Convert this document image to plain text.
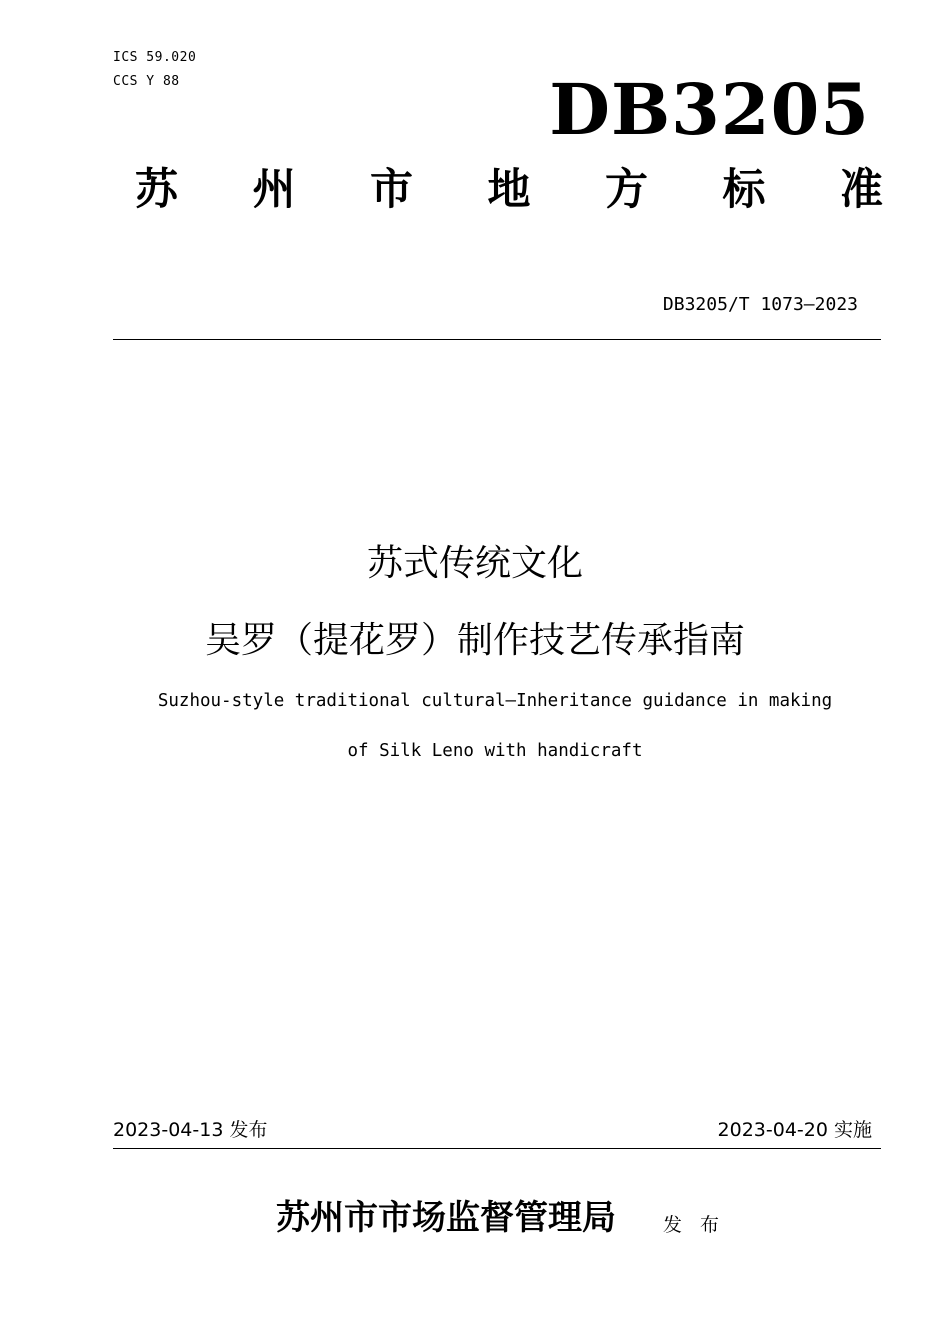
ICS 59.020
CCS Y 88	DB3205
苏 州 市 地 方 标 准
DB3205/T 1073—2023
苏式传统文化
吴罗（提花罗）制作技艺传承指南
Suzhou-style traditional cultural—Inheritance guidance in making
of Silk Leno with handicraft
2023-04-13 发布	2023-04-20 实施
苏州市市场监督管理局 发 布
